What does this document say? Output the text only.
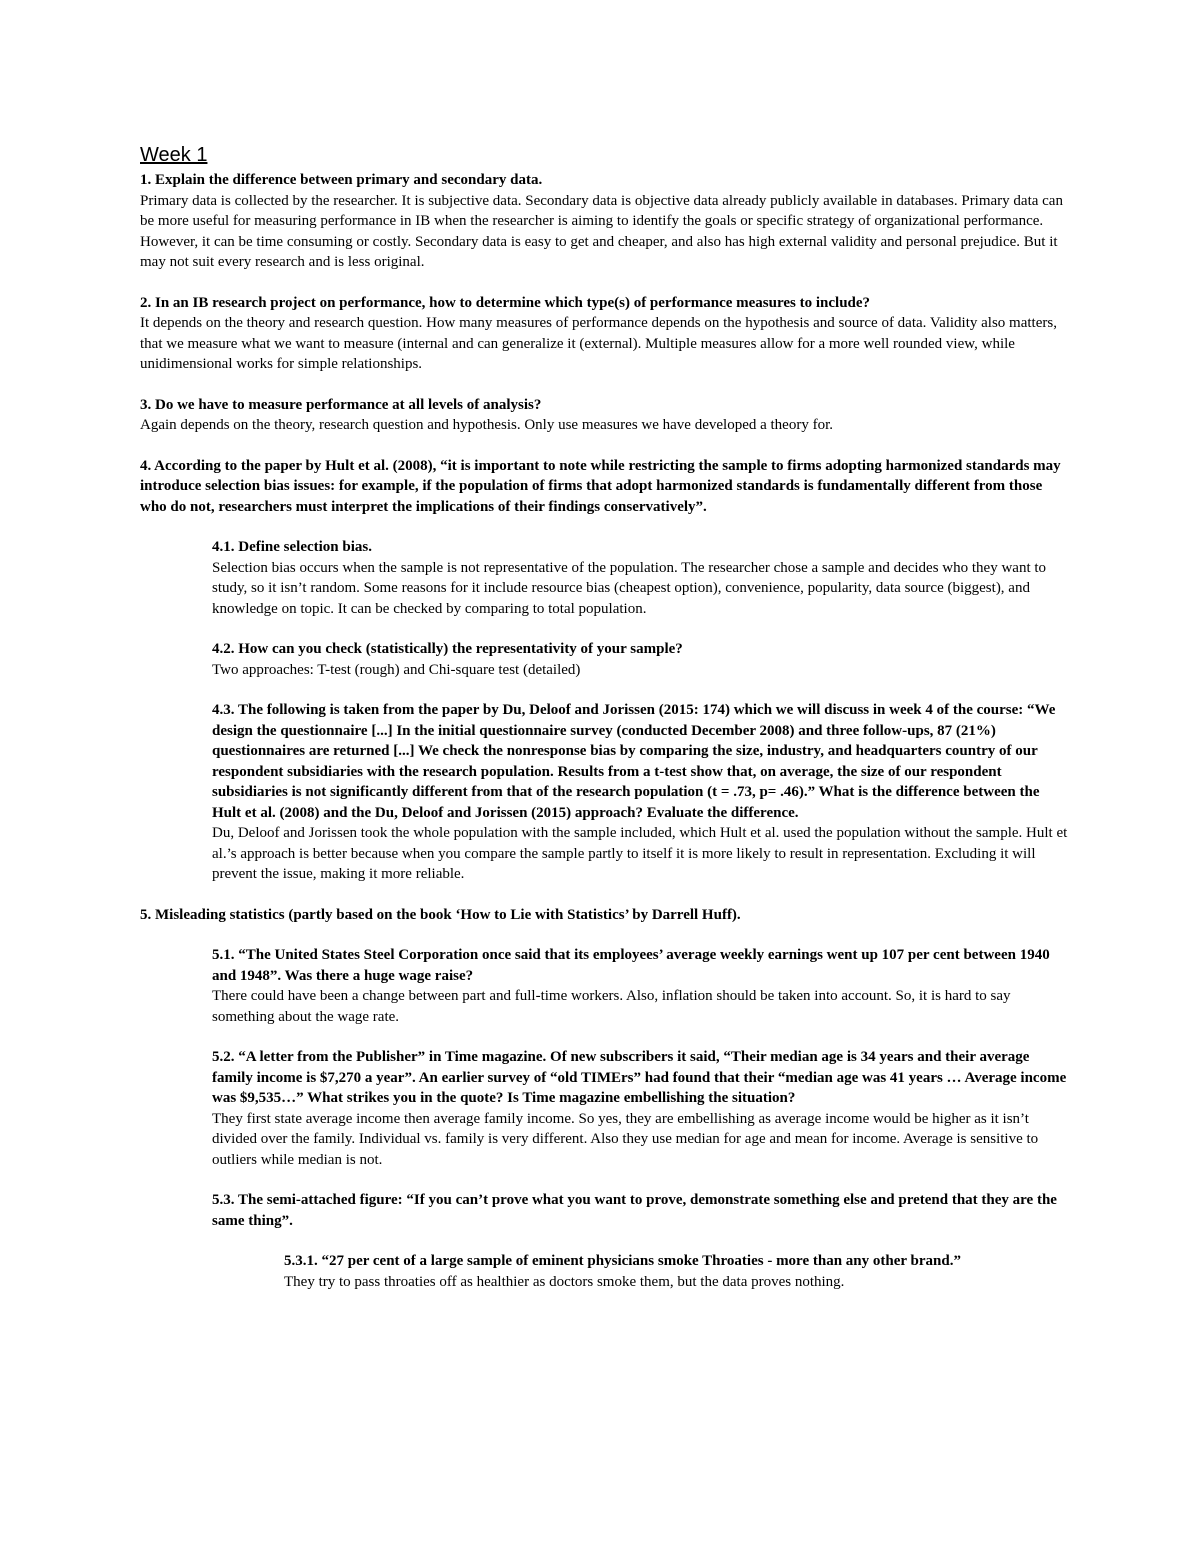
Week 1

1. Explain the difference between primary and secondary data.

Primary data is collected by the researcher. It is subjective data. Secondary data is objective data already publicly available in databases. Primary data can be more useful for measuring performance in IB when the researcher is aiming to identify the goals or specific strategy of organizational performance. However, it can be time consuming or costly. Secondary data is easy to get and cheaper, and also has high external validity and personal prejudice. But it may not suit every research and is less original.

2. In an IB research project on performance, how to determine which type(s) of performance measures to include?

It depends on the theory and research question. How many measures of performance depends on the hypothesis and source of data. Validity also matters, that we measure what we want to measure (internal and can generalize it (external). Multiple measures allow for a more well rounded view, while unidimensional works for simple relationships.

3. Do we have to measure performance at all levels of analysis?

Again depends on the theory, research question and hypothesis. Only use measures we have developed a theory for.

4. According to the paper by Hult et al. (2008), “it is important to note while restricting the sample to firms adopting harmonized standards may introduce selection bias issues: for example, if the population of firms that adopt harmonized standards is fundamentally different from those who do not, researchers must interpret the implications of their findings conservatively”.

4.1. Define selection bias.

Selection bias occurs when the sample is not representative of the population. The researcher chose a sample and decides who they want to study, so it isn’t random. Some reasons for it include resource bias (cheapest option), convenience, popularity, data source (biggest), and knowledge on topic. It can be checked by comparing to total population.

4.2. How can you check (statistically) the representativity of your sample?

Two approaches: T-test (rough) and Chi-square test (detailed)

4.3. The following is taken from the paper by Du, Deloof and Jorissen (2015: 174) which we will discuss in week 4 of the course: “We design the questionnaire [...] In the initial questionnaire survey (conducted December 2008) and three follow-ups, 87 (21%) questionnaires are returned [...] We check the nonresponse bias by comparing the size, industry, and headquarters country of our respondent subsidiaries with the research population. Results from a t-test show that, on average, the size of our respondent subsidiaries is not significantly different from that of the research population (t = .73, p= .46).” What is the difference between the Hult et al. (2008) and the Du, Deloof and Jorissen (2015) approach? Evaluate the difference.

Du, Deloof and Jorissen took the whole population with the sample included, which Hult et al. used the population without the sample. Hult et al.’s approach is better because when you compare the sample partly to itself it is more likely to result in representation. Excluding it will prevent the issue, making it more reliable.

5. Misleading statistics (partly based on the book ‘How to Lie with Statistics’ by Darrell Huff).

5.1. “The United States Steel Corporation once said that its employees’ average weekly earnings went up 107 per cent between 1940 and 1948”. Was there a huge wage raise?

There could have been a change between part and full-time workers. Also, inflation should be taken into account. So, it is hard to say something about the wage rate.

5.2. “A letter from the Publisher” in Time magazine. Of new subscribers it said, “Their median age is 34 years and their average family income is $7,270 a year”. An earlier survey of “old TIMErs” had found that their “median age was 41 years … Average income was $9,535…” What strikes you in the quote? Is Time magazine embellishing the situation?

They first state average income then average family income. So yes, they are embellishing as average income would be higher as it isn’t divided over the family. Individual vs. family is very different. Also they use median for age and mean for income. Average is sensitive to outliers while median is not.

5.3. The semi-attached figure: “If you can’t prove what you want to prove, demonstrate something else and pretend that they are the same thing”.

5.3.1. “27 per cent of a large sample of eminent physicians smoke Throaties - more than any other brand.”

They try to pass throaties off as healthier as doctors smoke them, but the data proves nothing.
